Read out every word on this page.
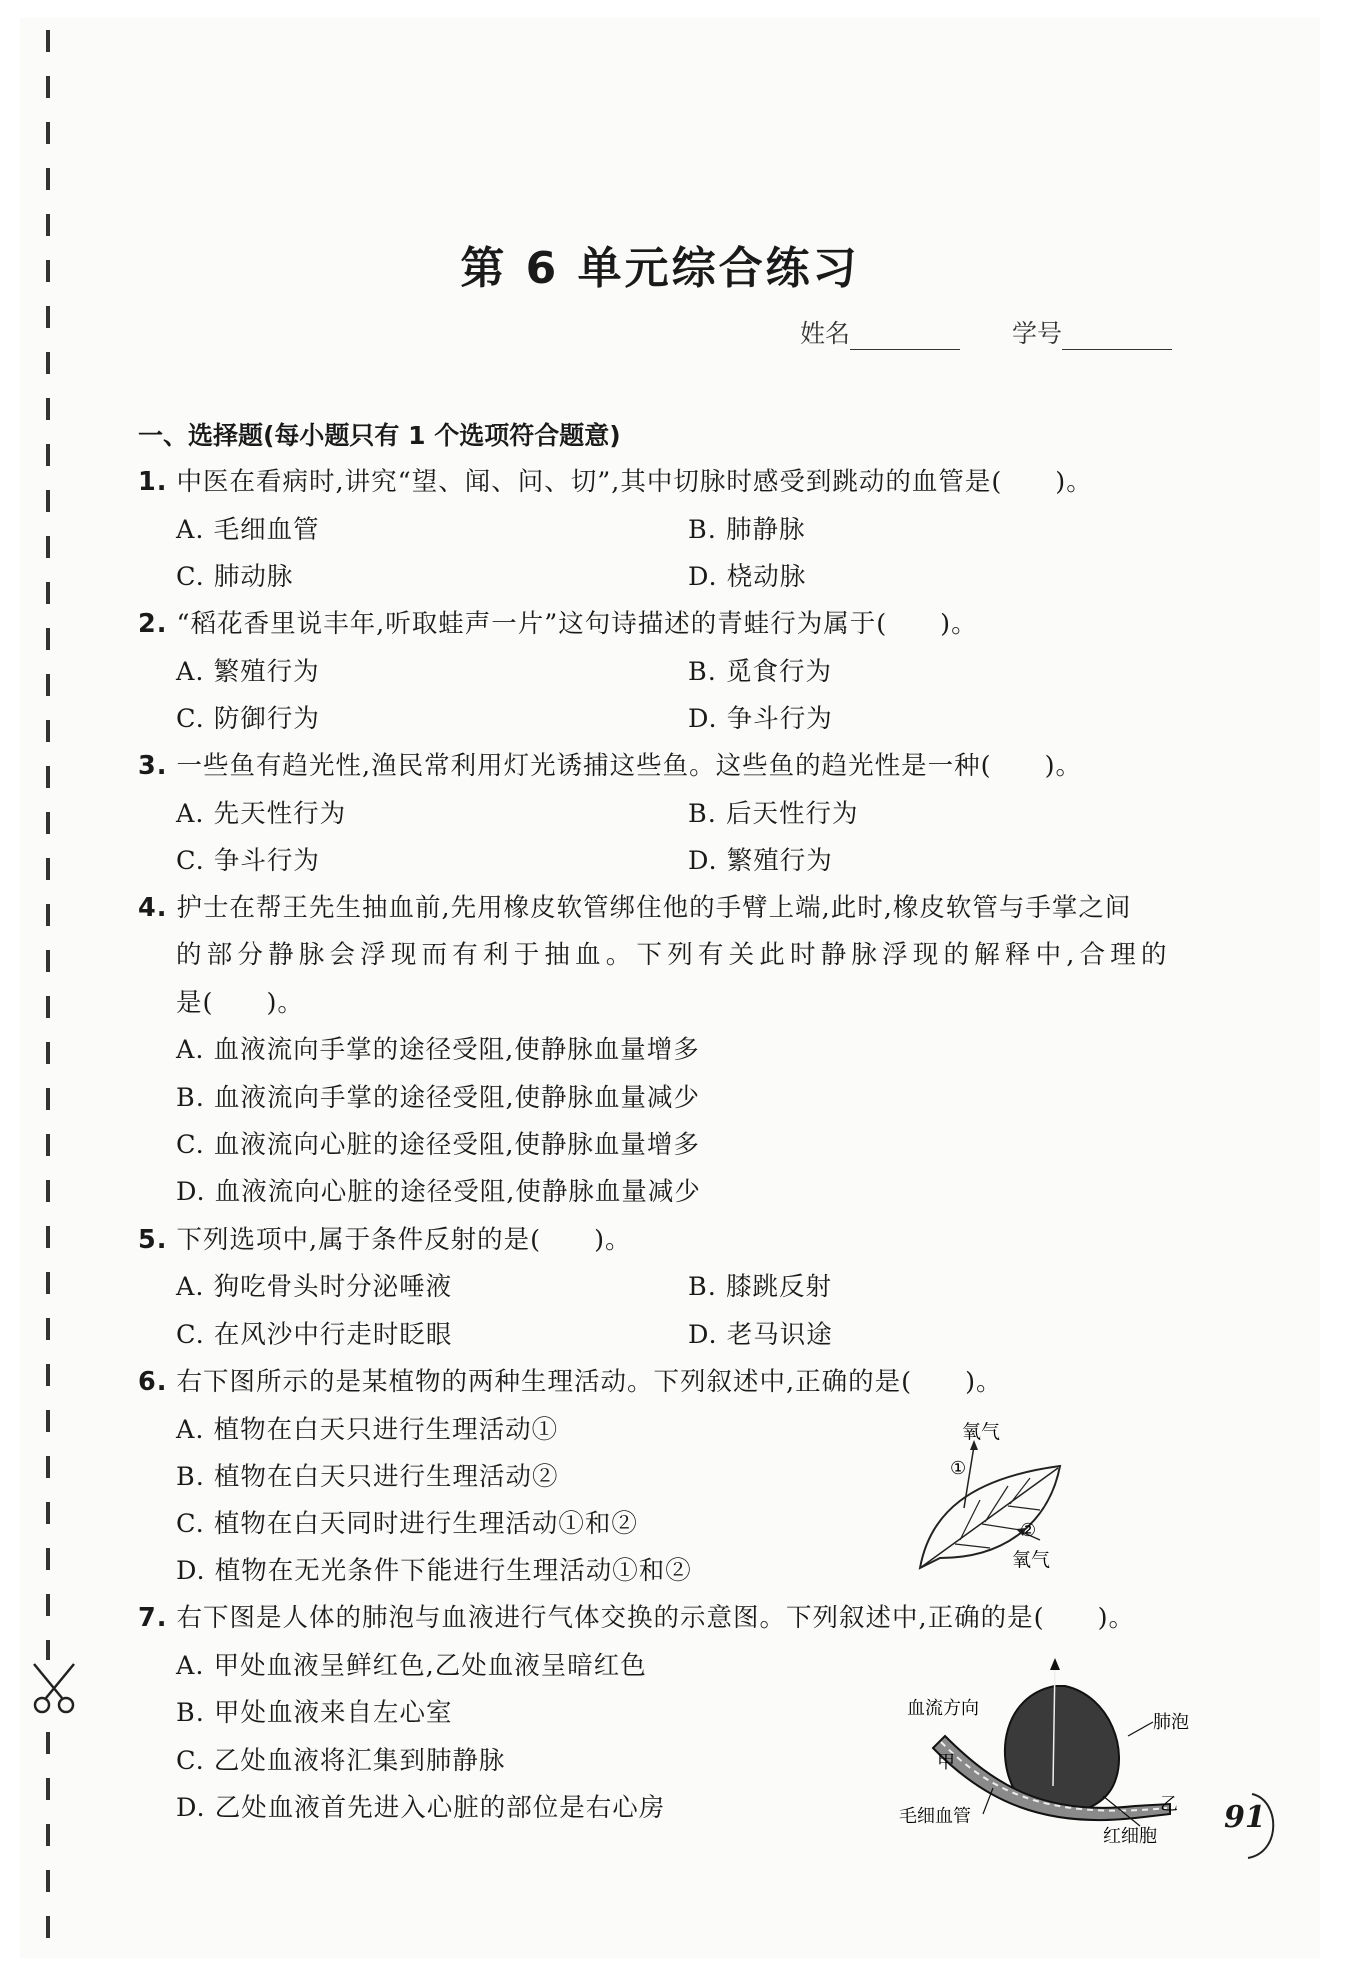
第 6 单元综合练习
姓名	学号
一、选择题(每小题只有 1 个选项符合题意)
1. 中医在看病时,讲究“望、闻、问、切”,其中切脉时感受到跳动的血管是(　　)。
A. 毛细血管	B. 肺静脉
C. 肺动脉	D. 桡动脉
2. “稻花香里说丰年,听取蛙声一片”这句诗描述的青蛙行为属于(　　)。
A. 繁殖行为	B. 觅食行为
C. 防御行为	D. 争斗行为
3. 一些鱼有趋光性,渔民常利用灯光诱捕这些鱼。这些鱼的趋光性是一种(　　)。
A. 先天性行为	B. 后天性行为
C. 争斗行为	D. 繁殖行为
4. 护士在帮王先生抽血前,先用橡皮软管绑住他的手臂上端,此时,橡皮软管与手掌之间
的部分静脉会浮现而有利于抽血。下列有关此时静脉浮现的解释中,合理的
是(　　)。
A. 血液流向手掌的途径受阻,使静脉血量增多
B. 血液流向手掌的途径受阻,使静脉血量减少
C. 血液流向心脏的途径受阻,使静脉血量增多
D. 血液流向心脏的途径受阻,使静脉血量减少
5. 下列选项中,属于条件反射的是(　　)。
A. 狗吃骨头时分泌唾液	B. 膝跳反射
C. 在风沙中行走时眨眼	D. 老马识途
6. 右下图所示的是某植物的两种生理活动。下列叙述中,正确的是(　　)。
A. 植物在白天只进行生理活动①
B. 植物在白天只进行生理活动②
C. 植物在白天同时进行生理活动①和②
D. 植物在无光条件下能进行生理活动①和②
氧气
①
②
氧气
7. 右下图是人体的肺泡与血液进行气体交换的示意图。下列叙述中,正确的是(　　)。
A. 甲处血液呈鲜红色,乙处血液呈暗红色
B. 甲处血液来自左心室
C. 乙处血液将汇集到肺静脉
D. 乙处血液首先进入心脏的部位是右心房
血流方向
肺泡
甲
毛细血管
乙
红细胞
91
